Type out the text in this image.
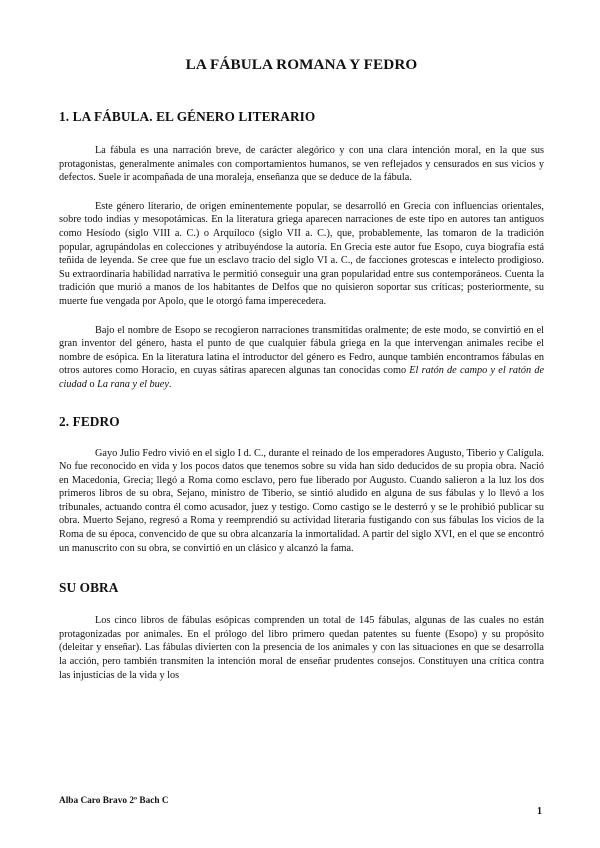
LA FÁBULA ROMANA Y FEDRO
1. LA FÁBULA. EL GÉNERO LITERARIO

La fábula es una narración breve, de carácter alegórico y con una clara intención moral, en la que sus protagonistas, generalmente animales con comportamientos humanos, se ven reflejados y censurados en sus vicios y defectos. Suele ir acompañada de una moraleja, enseñanza que se deduce de la fábula.

Este género literario, de origen eminentemente popular, se desarrolló en Grecia con influencias orientales, sobre todo indias y mesopotámicas. En la literatura griega aparecen narraciones de este tipo en autores tan antiguos como Hesíodo (siglo VIII a. C.) o Arquíloco (siglo VII a. C.), que, probablemente, las tomaron de la tradición popular, agrupándolas en colecciones y atribuyéndose la autoría. En Grecia este autor fue Esopo, cuya biografía está teñida de leyenda. Se cree que fue un esclavo tracio del siglo VI a. C., de facciones grotescas e intelecto prodigioso. Su extraordinaria habilidad narrativa le permitió conseguir una gran popularidad entre sus contemporáneos. Cuenta la tradición que murió a manos de los habitantes de Delfos que no quisieron soportar sus críticas; posteriormente, su muerte fue vengada por Apolo, que le otorgó fama imperecedera.

Bajo el nombre de Esopo se recogieron narraciones transmitidas oralmente; de este modo, se convirtió en el gran inventor del género, hasta el punto de que cualquier fábula griega en la que intervengan animales recibe el nombre de esópica. En la literatura latina el introductor del género es Fedro, aunque también encontramos fábulas en otros autores como Horacio, en cuyas sátiras aparecen algunas tan conocidas como El ratón de campo y el ratón de ciudad o La rana y el buey.

2. FEDRO

Gayo Julio Fedro vivió en el siglo I d. C., durante el reinado de los emperadores Augusto, Tiberio y Calígula. No fue reconocido en vida y los pocos datos que tenemos sobre su vida han sido deducidos de su propia obra. Nació en Macedonia, Grecia; llegó a Roma como esclavo, pero fue liberado por Augusto. Cuando salieron a la luz los dos primeros libros de su obra, Sejano, ministro de Tiberio, se sintió aludido en alguna de sus fábulas y lo llevó a los tribunales, actuando contra él como acusador, juez y testigo. Como castigo se le desterró y se le prohibió publicar su obra. Muerto Sejano, regresó a Roma y reemprendió su actividad literaria fustigando con sus fábulas los vicios de la Roma de su época, convencido de que su obra alcanzaría la inmortalidad. A partir del siglo XVI, en el que se encontró un manuscrito con su obra, se convirtió en un clásico y alcanzó la fama.

SU OBRA

Los cinco libros de fábulas esópicas comprenden un total de 145 fábulas, algunas de las cuales no están protagonizadas por animales. En el prólogo del libro primero quedan patentes su fuente (Esopo) y su propósito (deleitar y enseñar). Las fábulas divierten con la presencia de los animales y con las situaciones en que se desarrolla la acción, pero también transmiten la intención moral de enseñar prudentes consejos. Constituyen una crítica contra las injusticias de la vida y los

Alba Caro Bravo 2º Bach C
1
